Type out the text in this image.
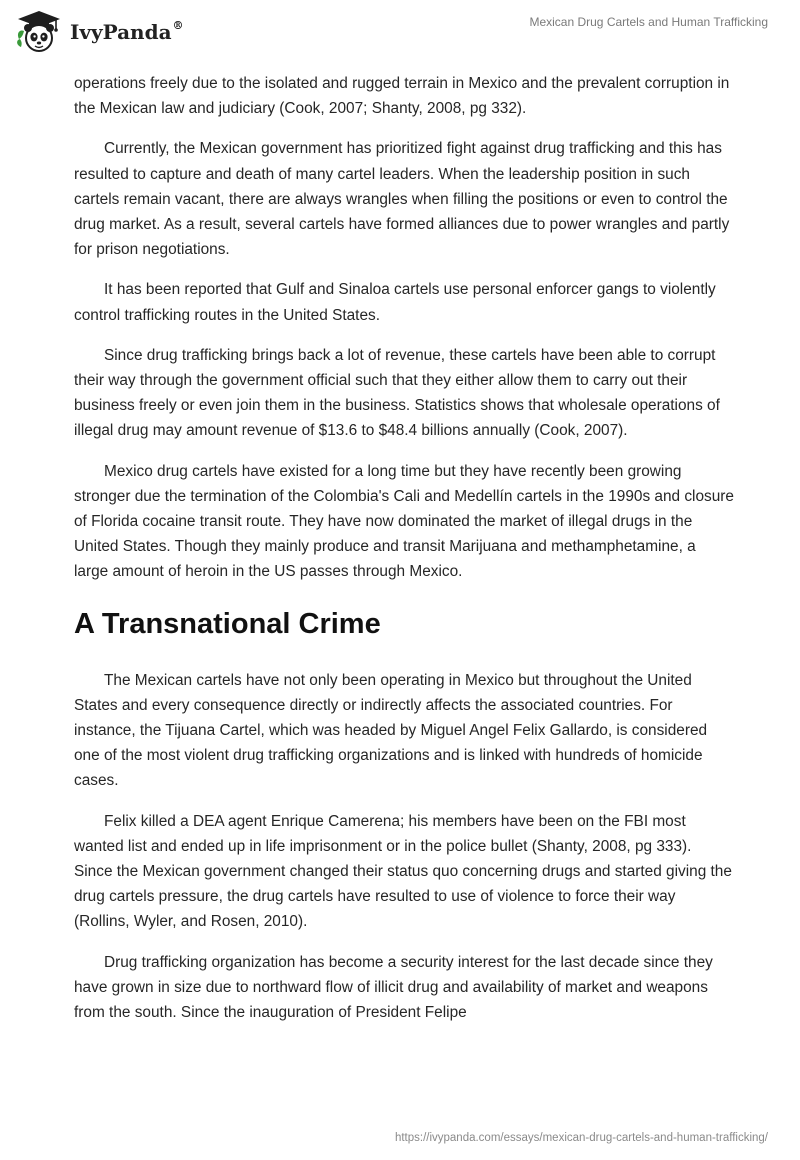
IvyPanda®	Mexican Drug Cartels and Human Trafficking

operations freely due to the isolated and rugged terrain in Mexico and the prevalent corruption in the Mexican law and judiciary (Cook, 2007; Shanty, 2008, pg 332).

Currently, the Mexican government has prioritized fight against drug trafficking and this has resulted to capture and death of many cartel leaders. When the leadership position in such cartels remain vacant, there are always wrangles when filling the positions or even to control the drug market. As a result, several cartels have formed alliances due to power wrangles and partly for prison negotiations.

It has been reported that Gulf and Sinaloa cartels use personal enforcer gangs to violently control trafficking routes in the United States.

Since drug trafficking brings back a lot of revenue, these cartels have been able to corrupt their way through the government official such that they either allow them to carry out their business freely or even join them in the business. Statistics shows that wholesale operations of illegal drug may amount revenue of $13.6 to $48.4 billions annually (Cook, 2007).

Mexico drug cartels have existed for a long time but they have recently been growing stronger due the termination of the Colombia's Cali and Medellín cartels in the 1990s and closure of Florida cocaine transit route. They have now dominated the market of illegal drugs in the United States. Though they mainly produce and transit Marijuana and methamphetamine, a large amount of heroin in the US passes through Mexico.

A Transnational Crime

The Mexican cartels have not only been operating in Mexico but throughout the United States and every consequence directly or indirectly affects the associated countries. For instance, the Tijuana Cartel, which was headed by Miguel Angel Felix Gallardo, is considered one of the most violent drug trafficking organizations and is linked with hundreds of homicide cases.

Felix killed a DEA agent Enrique Camerena; his members have been on the FBI most wanted list and ended up in life imprisonment or in the police bullet (Shanty, 2008, pg 333). Since the Mexican government changed their status quo concerning drugs and started giving the drug cartels pressure, the drug cartels have resulted to use of violence to force their way (Rollins, Wyler, and Rosen, 2010).

Drug trafficking organization has become a security interest for the last decade since they have grown in size due to northward flow of illicit drug and availability of market and weapons from the south. Since the inauguration of President Felipe

https://ivypanda.com/essays/mexican-drug-cartels-and-human-trafficking/
